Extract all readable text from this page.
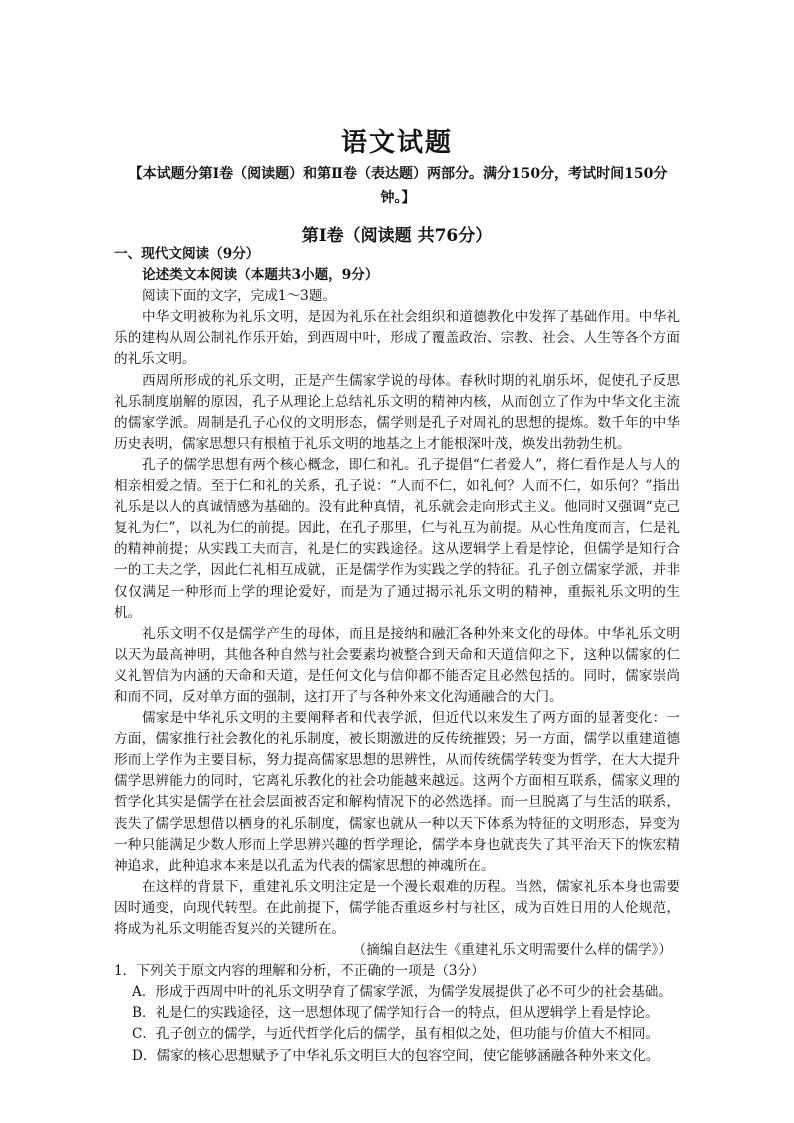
语文试题
【本试题分第Ⅰ卷（阅读题）和第Ⅱ卷（表达题）两部分。满分150分，考试时间150分钟。】
第Ⅰ卷（阅读题 共76分）

一、现代文阅读（9分）

论述类文本阅读（本题共3小题，9分）

阅读下面的文字，完成1～3题。

中华文明被称为礼乐文明，是因为礼乐在社会组织和道德教化中发挥了基础作用。中华礼乐的建构从周公制礼作乐开始，到西周中叶，形成了覆盖政治、宗教、社会、人生等各个方面的礼乐文明。

西周所形成的礼乐文明，正是产生儒家学说的母体。春秋时期的礼崩乐坏，促使孔子反思礼乐制度崩解的原因，孔子从理论上总结礼乐文明的精神内核，从而创立了作为中华文化主流的儒家学派。周制是孔子心仪的文明形态，儒学则是孔子对周礼的思想的提炼。数千年的中华历史表明，儒家思想只有根植于礼乐文明的地基之上才能根深叶茂，焕发出勃勃生机。

孔子的儒学思想有两个核心概念，即仁和礼。孔子提倡“仁者爱人”，将仁看作是人与人的相亲相爱之情。至于仁和礼的关系，孔子说：“人而不仁，如礼何？人而不仁，如乐何？”指出礼乐是以人的真诚情感为基础的。没有此种真情，礼乐就会走向形式主义。他同时又强调“克己复礼为仁”，以礼为仁的前提。因此，在孔子那里，仁与礼互为前提。从心性角度而言，仁是礼的精神前提；从实践工夫而言，礼是仁的实践途径。这从逻辑学上看是悖论，但儒学是知行合一的工夫之学，因此仁礼相互成就，正是儒学作为实践之学的特征。孔子创立儒家学派，并非仅仅满足一种形而上学的理论爱好，而是为了通过揭示礼乐文明的精神，重振礼乐文明的生机。

礼乐文明不仅是儒学产生的母体，而且是接纳和融汇各种外来文化的母体。中华礼乐文明以天为最高神明，其他各种自然与社会要素均被整合到天命和天道信仰之下，这种以儒家的仁义礼智信为内涵的天命和天道，是任何文化与信仰都不能否定且必然包括的。同时，儒家崇尚和而不同，反对单方面的强制，这打开了与各种外来文化沟通融合的大门。

儒家是中华礼乐文明的主要阐释者和代表学派，但近代以来发生了两方面的显著变化：一方面，儒家推行社会教化的礼乐制度，被长期激进的反传统摧毁；另一方面，儒学以重建道德形而上学作为主要目标，努力提高儒家思想的思辨性，从而传统儒学转变为哲学，在大大提升儒学思辨能力的同时，它离礼乐教化的社会功能越来越远。这两个方面相互联系，儒家义理的哲学化其实是儒学在社会层面被否定和解构情况下的必然选择。而一旦脱离了与生活的联系，丧失了儒学思想借以栖身的礼乐制度，儒家也就从一种以天下体系为特征的文明形态，异变为一种只能满足少数人形而上学思辨兴趣的哲学理论，儒学本身也就丧失了其平治天下的恢宏精神追求，此种追求本来是以孔孟为代表的儒家思想的神魂所在。

在这样的背景下，重建礼乐文明注定是一个漫长艰难的历程。当然，儒家礼乐本身也需要因时通变，向现代转型。在此前提下，儒学能否重返乡村与社区，成为百姓日用的人伦规范，将成为礼乐文明能否复兴的关键所在。

（摘编自赵法生《重建礼乐文明需要什么样的儒学》）

1．下列关于原文内容的理解和分析，不正确的一项是（3分）

A．形成于西周中叶的礼乐文明孕育了儒家学派，为儒学发展提供了必不可少的社会基础。

B．礼是仁的实践途径，这一思想体现了儒学知行合一的特点，但从逻辑学上看是悖论。

C．孔子创立的儒学，与近代哲学化后的儒学，虽有相似之处，但功能与价值大不相同。

D．儒家的核心思想赋予了中华礼乐文明巨大的包容空间，使它能够涵融各种外来文化。
